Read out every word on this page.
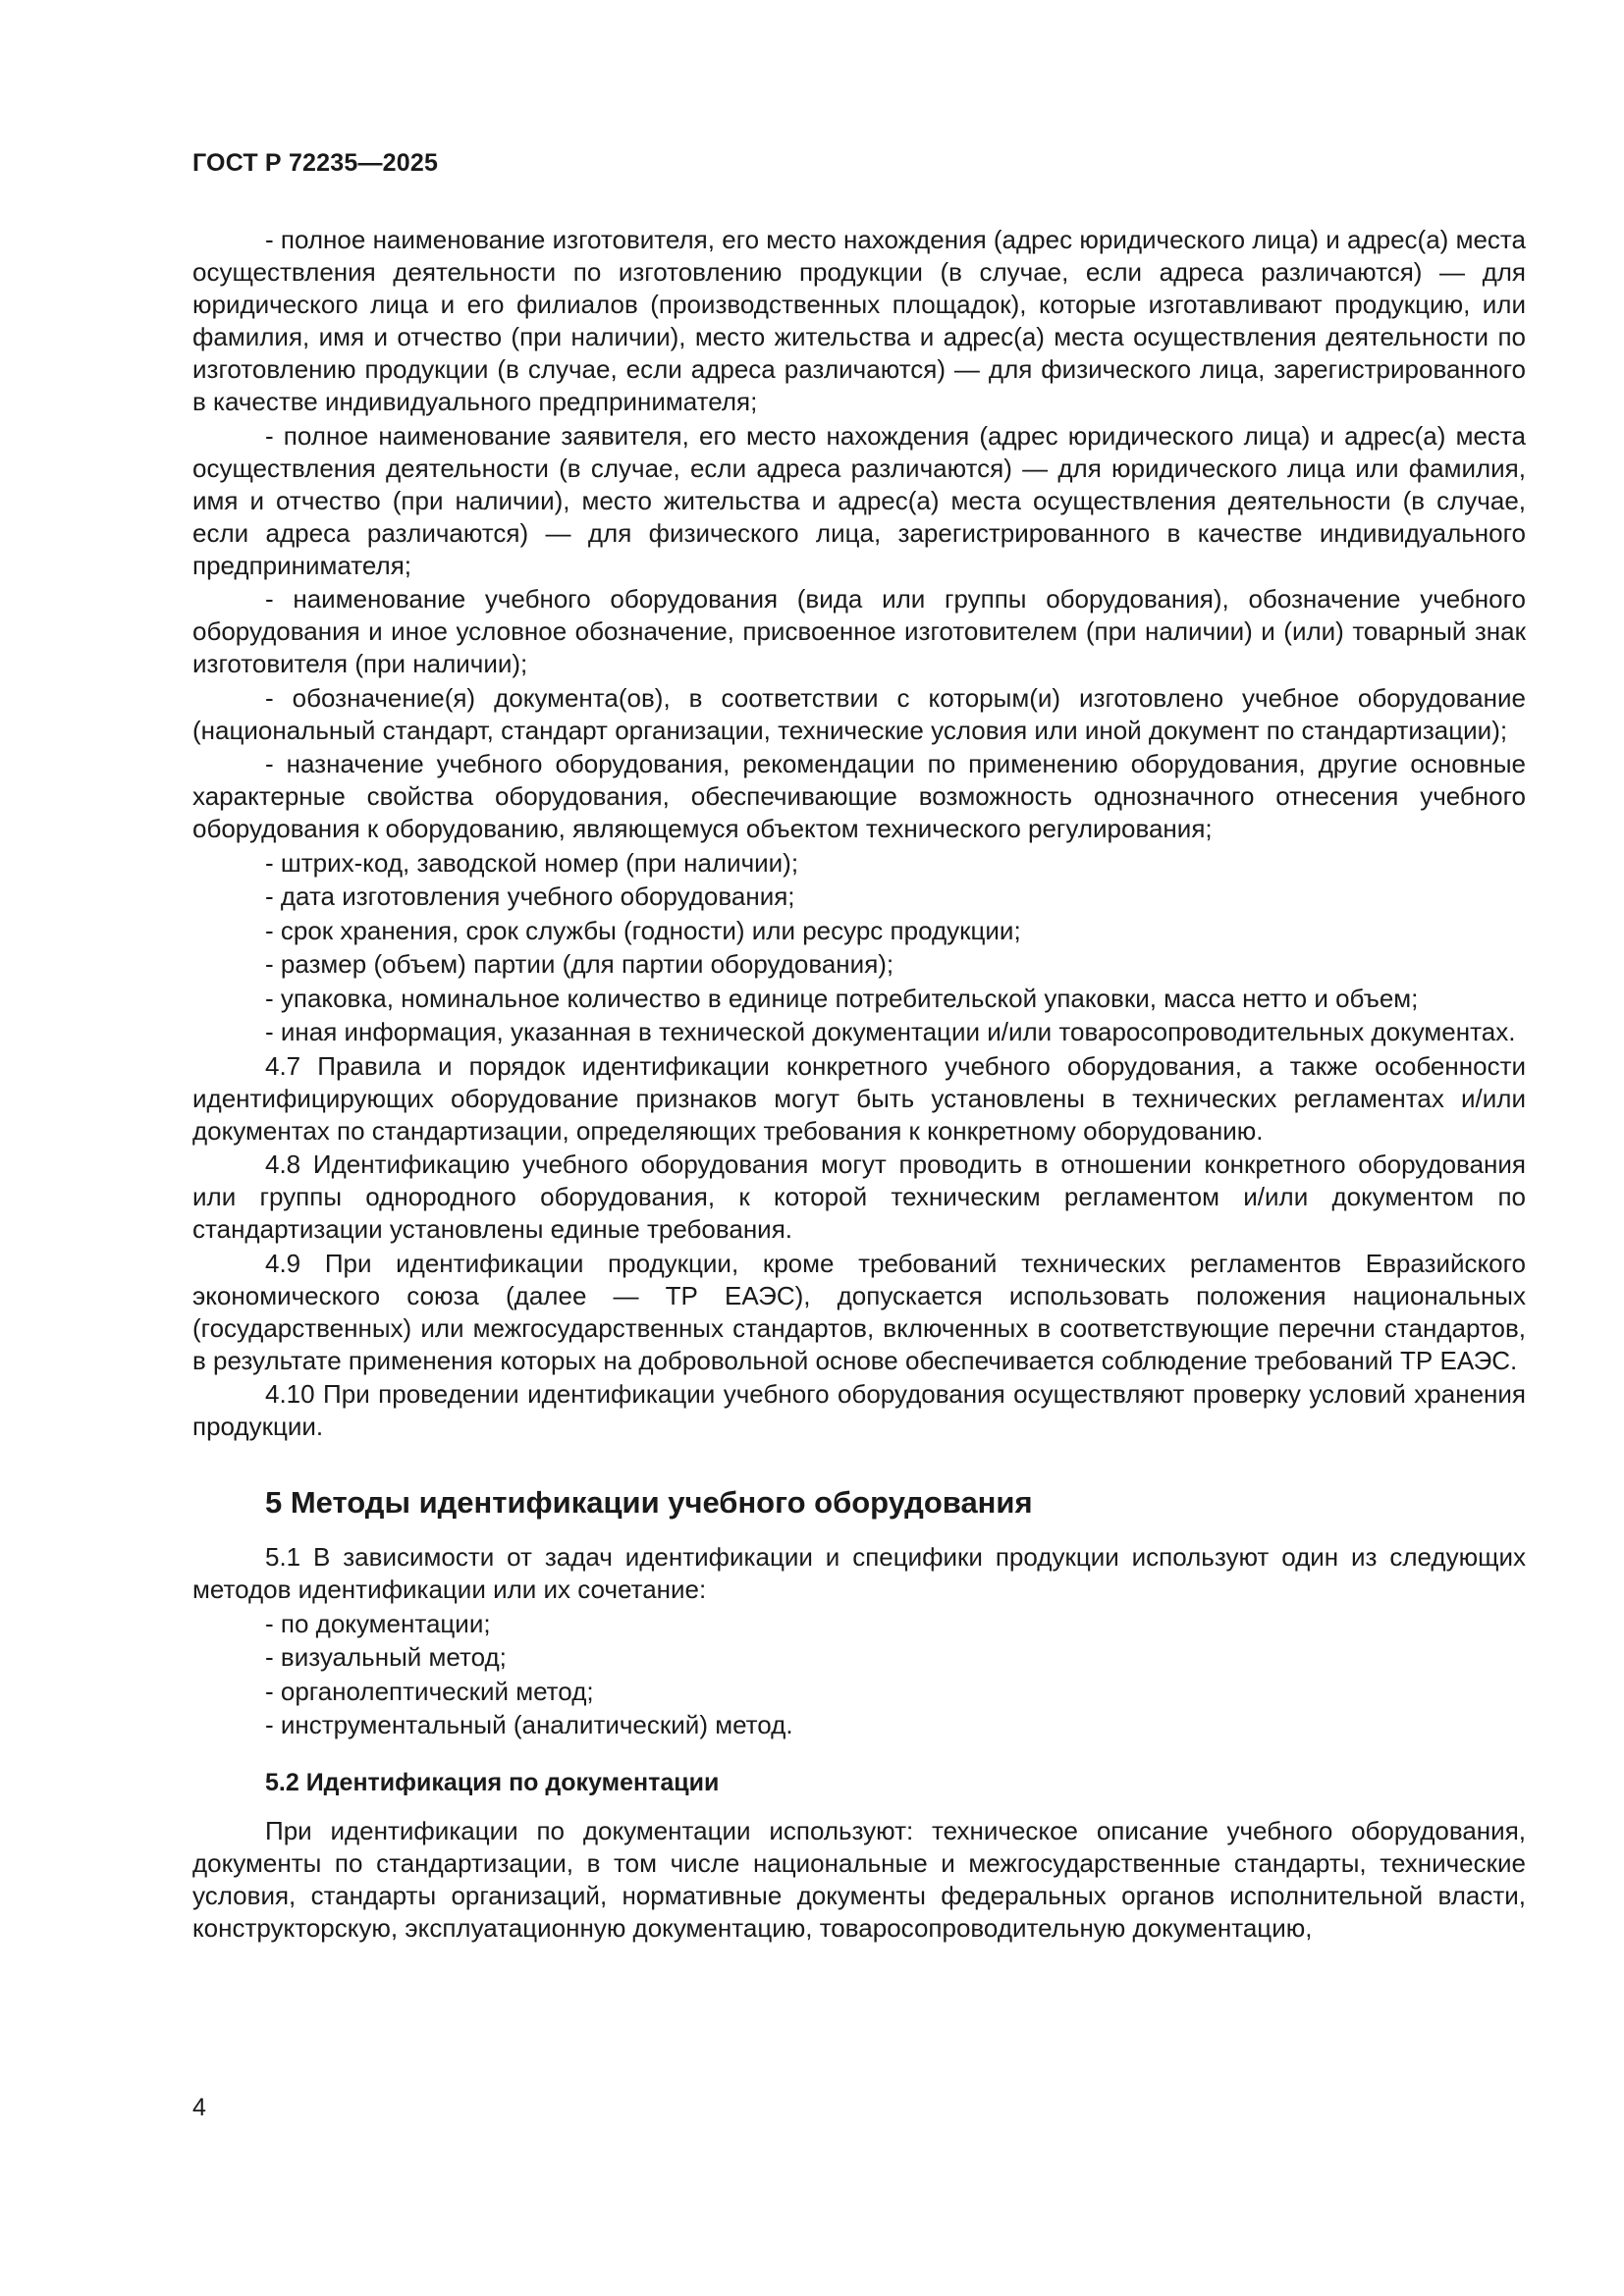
ГОСТ Р 72235—2025

- полное наименование изготовителя, его место нахождения (адрес юридического лица) и адрес(а) места осуществления деятельности по изготовлению продукции (в случае, если адреса различаются) — для юридического лица и его филиалов (производственных площадок), которые изготавливают продукцию, или фамилия, имя и отчество (при наличии), место жительства и адрес(а) места осуществления деятельности по изготовлению продукции (в случае, если адреса различаются) — для физического лица, зарегистрированного в качестве индивидуального предпринимателя;

- полное наименование заявителя, его место нахождения (адрес юридического лица) и адрес(а) места осуществления деятельности (в случае, если адреса различаются) — для юридического лица или фамилия, имя и отчество (при наличии), место жительства и адрес(а) места осуществления деятельности (в случае, если адреса различаются) — для физического лица, зарегистрированного в качестве индивидуального предпринимателя;

- наименование учебного оборудования (вида или группы оборудования), обозначение учебного оборудования и иное условное обозначение, присвоенное изготовителем (при наличии) и (или) товарный знак изготовителя (при наличии);

- обозначение(я) документа(ов), в соответствии с которым(и) изготовлено учебное оборудование (национальный стандарт, стандарт организации, технические условия или иной документ по стандартизации);

- назначение учебного оборудования, рекомендации по применению оборудования, другие основные характерные свойства оборудования, обеспечивающие возможность однозначного отнесения учебного оборудования к оборудованию, являющемуся объектом технического регулирования;

- штрих-код, заводской номер (при наличии);

- дата изготовления учебного оборудования;

- срок хранения, срок службы (годности) или ресурс продукции;

- размер (объем) партии (для партии оборудования);

- упаковка, номинальное количество в единице потребительской упаковки, масса нетто и объем;

- иная информация, указанная в технической документации и/или товаросопроводительных документах.

4.7 Правила и порядок идентификации конкретного учебного оборудования, а также особенности идентифицирующих оборудование признаков могут быть установлены в технических регламентах и/или документах по стандартизации, определяющих требования к конкретному оборудованию.

4.8 Идентификацию учебного оборудования могут проводить в отношении конкретного оборудования или группы однородного оборудования, к которой техническим регламентом и/или документом по стандартизации установлены единые требования.

4.9 При идентификации продукции, кроме требований технических регламентов Евразийского экономического союза (далее — ТР ЕАЭС), допускается использовать положения национальных (государственных) или межгосударственных стандартов, включенных в соответствующие перечни стандартов, в результате применения которых на добровольной основе обеспечивается соблюдение требований ТР ЕАЭС.

4.10 При проведении идентификации учебного оборудования осуществляют проверку условий хранения продукции.

5 Методы идентификации учебного оборудования

5.1 В зависимости от задач идентификации и специфики продукции используют один из следующих методов идентификации или их сочетание:

- по документации;

- визуальный метод;

- органолептический метод;

- инструментальный (аналитический) метод.

5.2 Идентификация по документации

При идентификации по документации используют: техническое описание учебного оборудования, документы по стандартизации, в том числе национальные и межгосударственные стандарты, технические условия, стандарты организаций, нормативные документы федеральных органов исполнительной власти, конструкторскую, эксплуатационную документацию, товаросопроводительную документацию,

4
